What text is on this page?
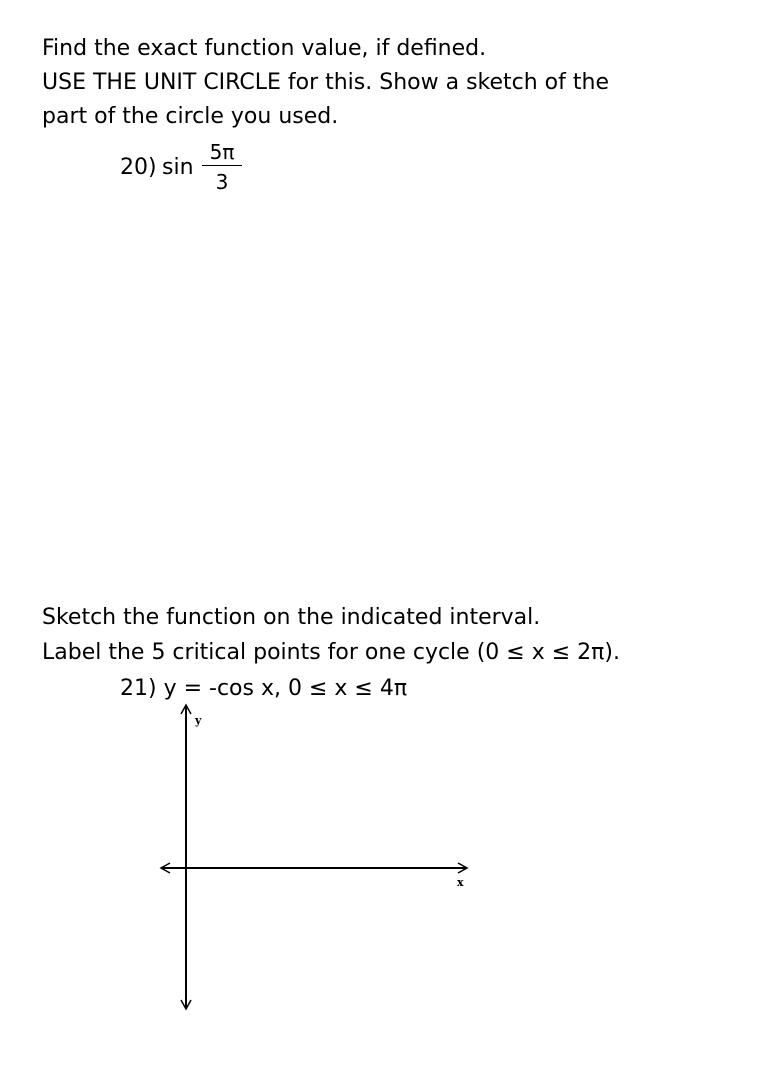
Find the exact function value, if defined.
USE THE UNIT CIRCLE for this. Show a sketch of the
part of the circle you used.
20) sin
5π
3
Sketch the function on the indicated interval.
Label the 5 critical points for one cycle (0 ≤ x ≤ 2π).
21) y = -cos x, 0 ≤ x ≤ 4π
y
x
